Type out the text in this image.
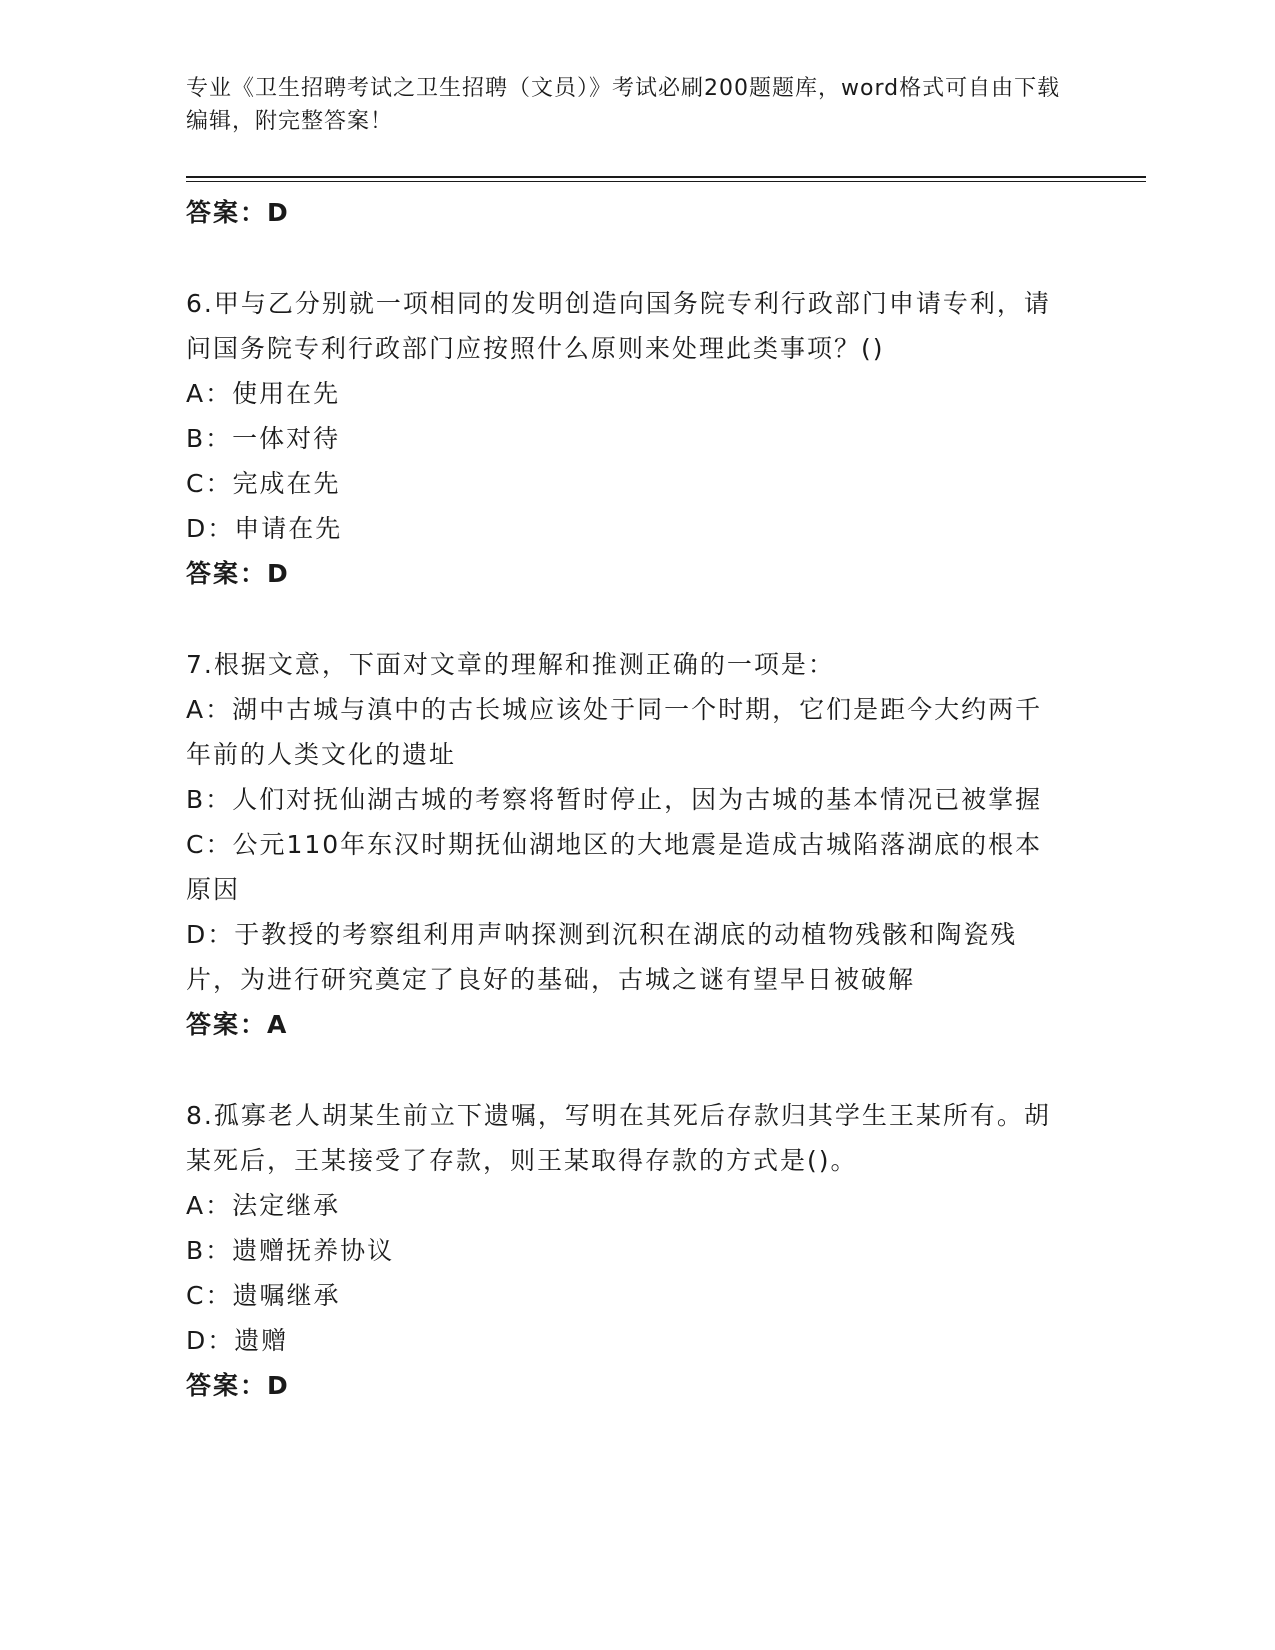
专业《卫生招聘考试之卫生招聘（文员）》考试必刷200题题库，word格式可自由下载编辑，附完整答案！
答案：D
6.甲与乙分别就一项相同的发明创造向国务院专利行政部门申请专利，请问国务院专利行政部门应按照什么原则来处理此类事项？()
A：使用在先
B：一体对待
C：完成在先
D：申请在先
答案：D
7.根据文意，下面对文章的理解和推测正确的一项是：
A：湖中古城与滇中的古长城应该处于同一个时期，它们是距今大约两千年前的人类文化的遗址
B：人们对抚仙湖古城的考察将暂时停止，因为古城的基本情况已被掌握
C：公元110年东汉时期抚仙湖地区的大地震是造成古城陷落湖底的根本原因
D：于教授的考察组利用声呐探测到沉积在湖底的动植物残骸和陶瓷残片，为进行研究奠定了良好的基础，古城之谜有望早日被破解
答案：A
8.孤寡老人胡某生前立下遗嘱，写明在其死后存款归其学生王某所有。胡某死后，王某接受了存款，则王某取得存款的方式是()。
A：法定继承
B：遗赠抚养协议
C：遗嘱继承
D：遗赠
答案：D
